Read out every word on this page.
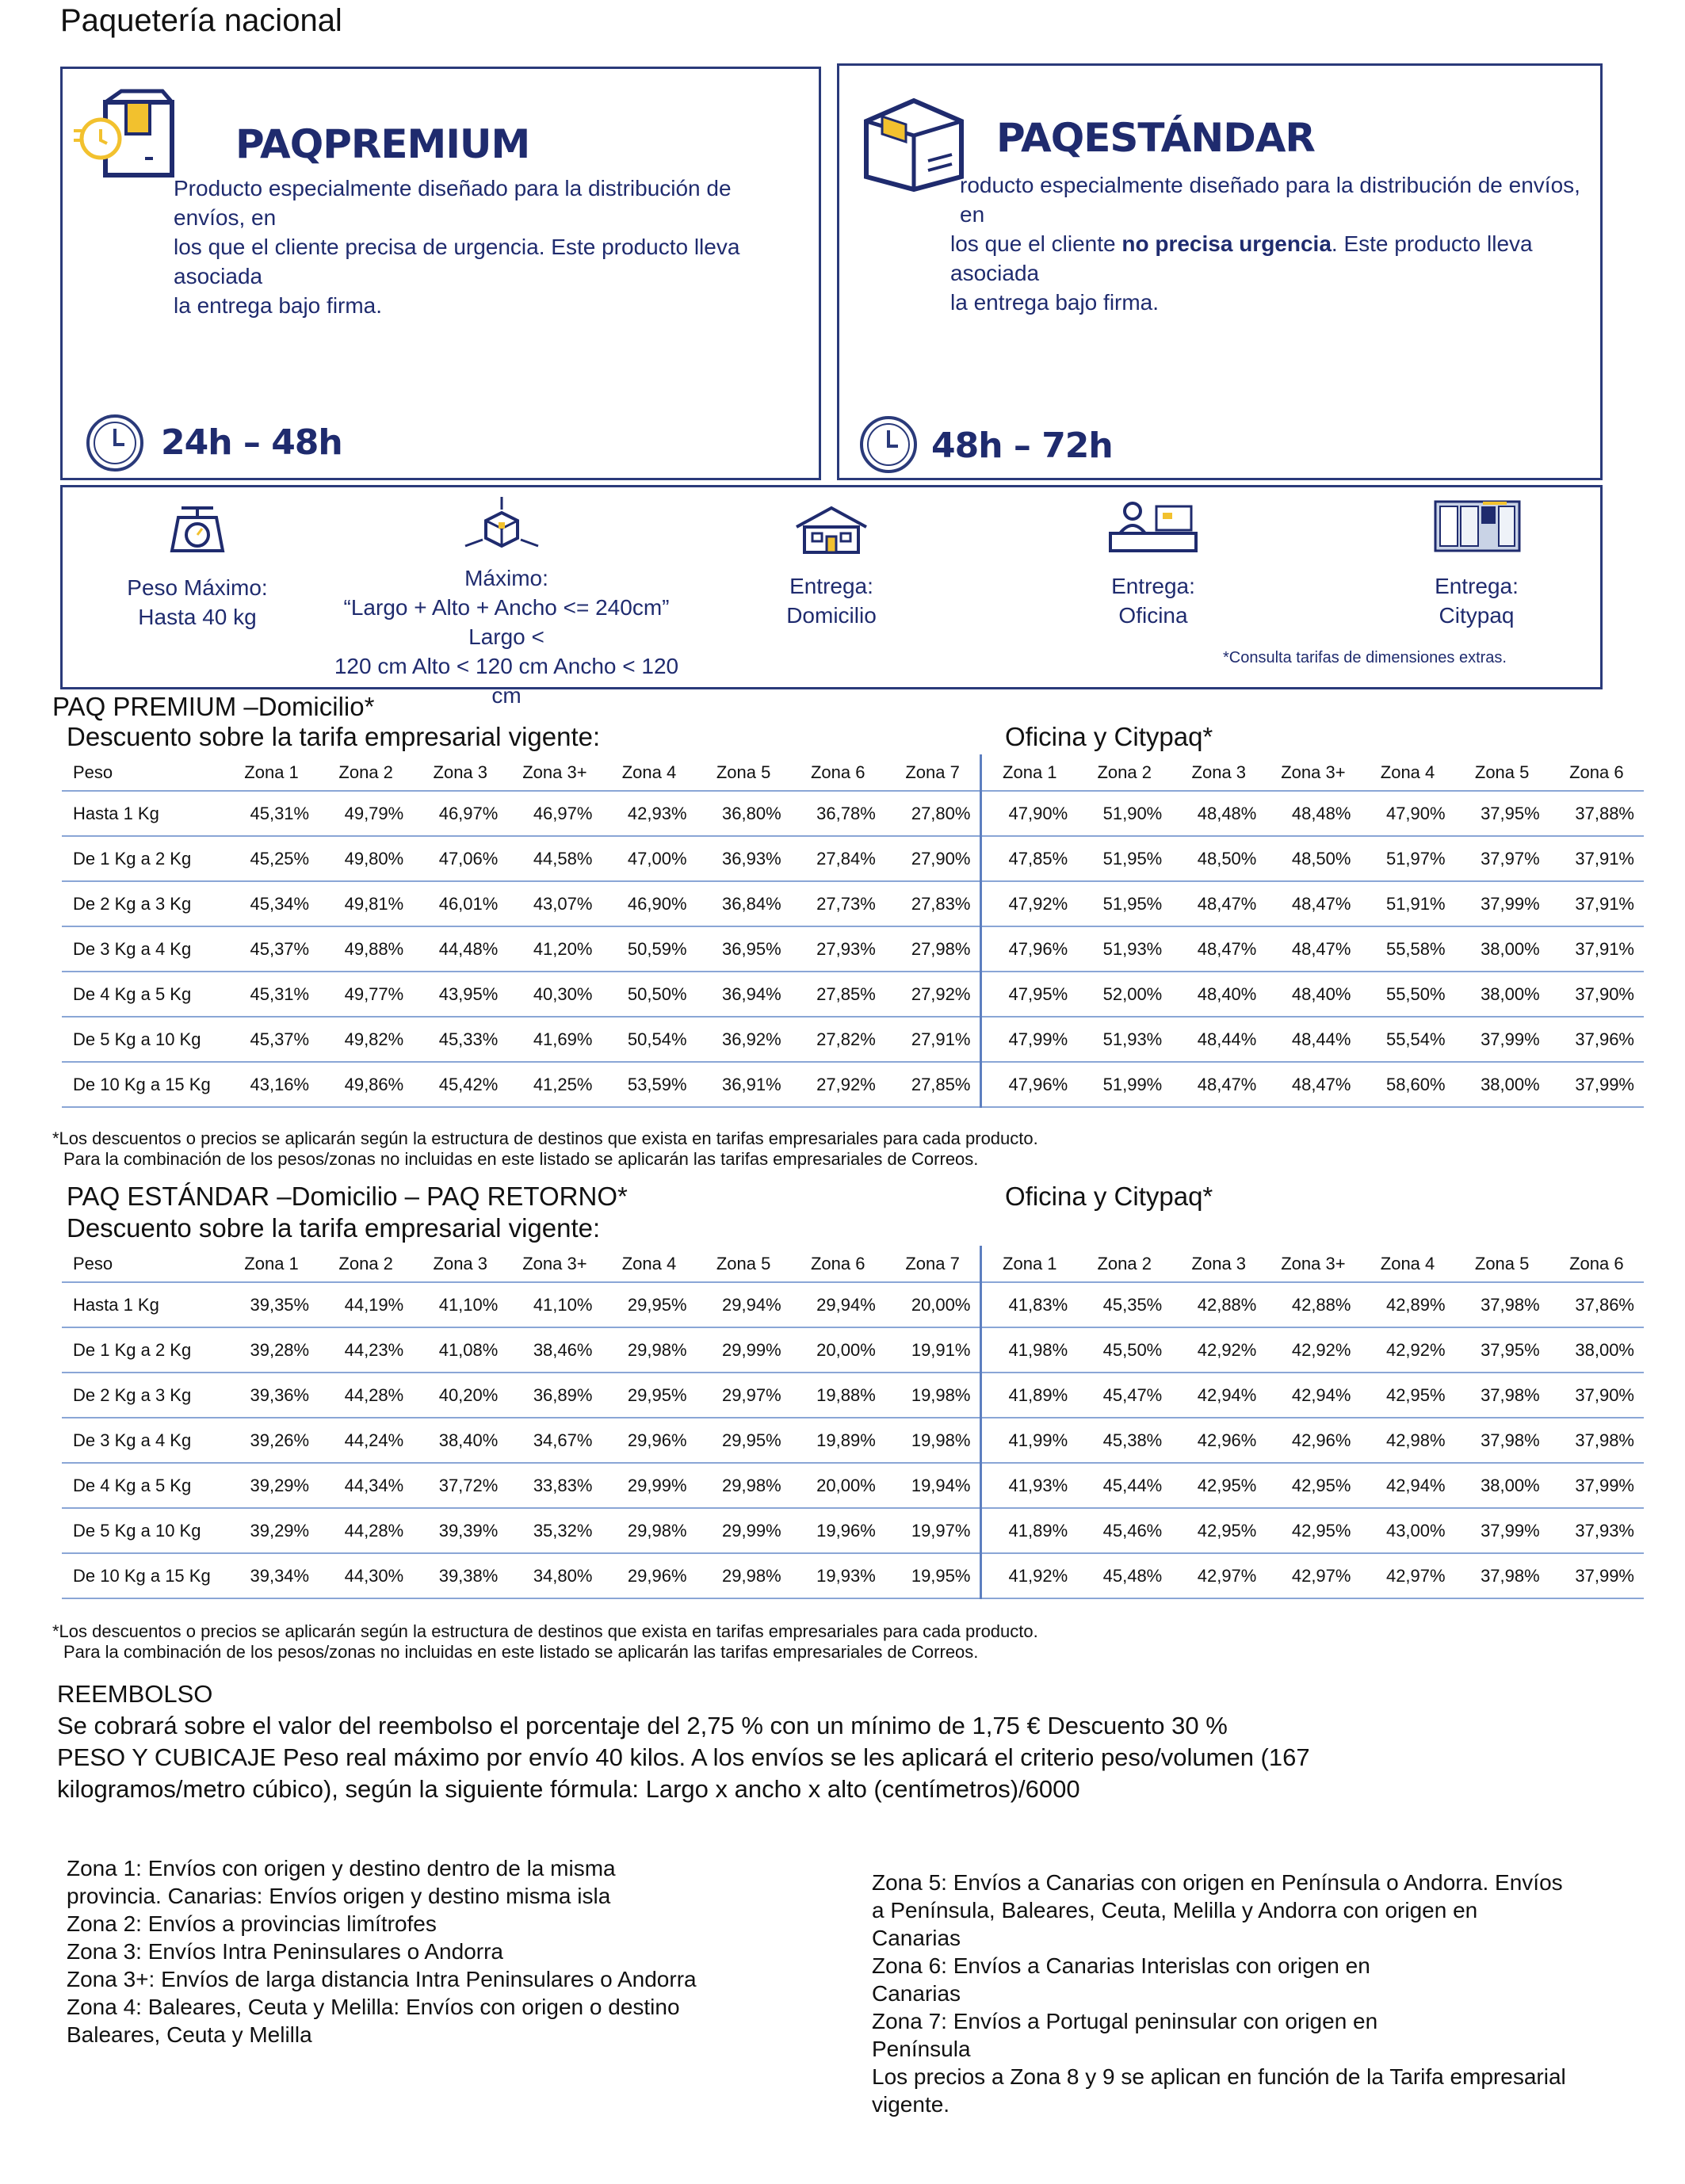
Paquetería nacional
PAQPREMIUM
Producto especialmente diseñado para la distribución de envíos, en
los que el cliente precisa de urgencia. Este producto lleva asociada
la entrega bajo firma.
24h – 48h
PAQESTÁNDAR
roducto especialmente diseñado para la distribución de envíos, en
los que el cliente no precisa urgencia. Este producto lleva asociada
la entrega bajo firma.
48h – 72h
Peso Máximo:
Hasta 40 kg
Máximo:
“Largo + Alto + Ancho <= 240cm” Largo <
120 cm Alto < 120 cm Ancho < 120 cm
Entrega:
Domicilio
Entrega:
Oficina
Entrega:
Citypaq
*Consulta tarifas de dimensiones extras.
PAQ PREMIUM –Domicilio*
Descuento sobre la tarifa empresarial vigente:	Oficina y Citypaq*
Peso	Zona 1	Zona 2	Zona 3	Zona 3+	Zona 4	Zona 5	Zona 6	Zona 7	Zona 1	Zona 2	Zona 3	Zona 3+	Zona 4	Zona 5	Zona 6
Hasta 1 Kg	45,31%	49,79%	46,97%	46,97%	42,93%	36,80%	36,78%	27,80%	47,90%	51,90%	48,48%	48,48%	47,90%	37,95%	37,88%
De 1 Kg a 2 Kg	45,25%	49,80%	47,06%	44,58%	47,00%	36,93%	27,84%	27,90%	47,85%	51,95%	48,50%	48,50%	51,97%	37,97%	37,91%
De 2 Kg a 3 Kg	45,34%	49,81%	46,01%	43,07%	46,90%	36,84%	27,73%	27,83%	47,92%	51,95%	48,47%	48,47%	51,91%	37,99%	37,91%
De 3 Kg a 4 Kg	45,37%	49,88%	44,48%	41,20%	50,59%	36,95%	27,93%	27,98%	47,96%	51,93%	48,47%	48,47%	55,58%	38,00%	37,91%
De 4 Kg a 5 Kg	45,31%	49,77%	43,95%	40,30%	50,50%	36,94%	27,85%	27,92%	47,95%	52,00%	48,40%	48,40%	55,50%	38,00%	37,90%
De 5 Kg a 10 Kg	45,37%	49,82%	45,33%	41,69%	50,54%	36,92%	27,82%	27,91%	47,99%	51,93%	48,44%	48,44%	55,54%	37,99%	37,96%
De 10 Kg a 15 Kg	43,16%	49,86%	45,42%	41,25%	53,59%	36,91%	27,92%	27,85%	47,96%	51,99%	48,47%	48,47%	58,60%	38,00%	37,99%
*Los descuentos o precios se aplicarán según la estructura de destinos que exista en tarifas empresariales para cada producto.
Para la combinación de los pesos/zonas no incluidas en este listado se aplicarán las tarifas empresariales de Correos.
PAQ ESTÁNDAR –Domicilio – PAQ RETORNO*	Oficina y Citypaq*
Descuento sobre la tarifa empresarial vigente:
Peso	Zona 1	Zona 2	Zona 3	Zona 3+	Zona 4	Zona 5	Zona 6	Zona 7	Zona 1	Zona 2	Zona 3	Zona 3+	Zona 4	Zona 5	Zona 6
Hasta 1 Kg	39,35%	44,19%	41,10%	41,10%	29,95%	29,94%	29,94%	20,00%	41,83%	45,35%	42,88%	42,88%	42,89%	37,98%	37,86%
De 1 Kg a 2 Kg	39,28%	44,23%	41,08%	38,46%	29,98%	29,99%	20,00%	19,91%	41,98%	45,50%	42,92%	42,92%	42,92%	37,95%	38,00%
De 2 Kg a 3 Kg	39,36%	44,28%	40,20%	36,89%	29,95%	29,97%	19,88%	19,98%	41,89%	45,47%	42,94%	42,94%	42,95%	37,98%	37,90%
De 3 Kg a 4 Kg	39,26%	44,24%	38,40%	34,67%	29,96%	29,95%	19,89%	19,98%	41,99%	45,38%	42,96%	42,96%	42,98%	37,98%	37,98%
De 4 Kg a 5 Kg	39,29%	44,34%	37,72%	33,83%	29,99%	29,98%	20,00%	19,94%	41,93%	45,44%	42,95%	42,95%	42,94%	38,00%	37,99%
De 5 Kg a 10 Kg	39,29%	44,28%	39,39%	35,32%	29,98%	29,99%	19,96%	19,97%	41,89%	45,46%	42,95%	42,95%	43,00%	37,99%	37,93%
De 10 Kg a 15 Kg	39,34%	44,30%	39,38%	34,80%	29,96%	29,98%	19,93%	19,95%	41,92%	45,48%	42,97%	42,97%	42,97%	37,98%	37,99%
*Los descuentos o precios se aplicarán según la estructura de destinos que exista en tarifas empresariales para cada producto.
Para la combinación de los pesos/zonas no incluidas en este listado se aplicarán las tarifas empresariales de Correos.
REEMBOLSO
Se cobrará sobre el valor del reembolso el porcentaje del 2,75 % con un mínimo de 1,75 € Descuento 30 %
PESO Y CUBICAJE Peso real máximo por envío 40 kilos. A los envíos se les aplicará el criterio peso/volumen (167
kilogramos/metro cúbico), según la siguiente fórmula: Largo x ancho x alto (centímetros)/6000
Zona 1: Envíos con origen y destino dentro de la misma
provincia. Canarias: Envíos origen y destino misma isla
Zona 2: Envíos a provincias limítrofes
Zona 3: Envíos Intra Peninsulares o Andorra
Zona 3+: Envíos de larga distancia Intra Peninsulares o Andorra
Zona 4: Baleares, Ceuta y Melilla: Envíos con origen o destino
Baleares, Ceuta y Melilla
Zona 5: Envíos a Canarias con origen en Península o Andorra. Envíos
a Península, Baleares, Ceuta, Melilla y Andorra con origen en
Canarias
Zona 6: Envíos a Canarias Interislas con origen en
Canarias
Zona 7: Envíos a Portugal peninsular con origen en
Península
Los precios a Zona 8 y 9 se aplican en función de la Tarifa empresarial
vigente.
